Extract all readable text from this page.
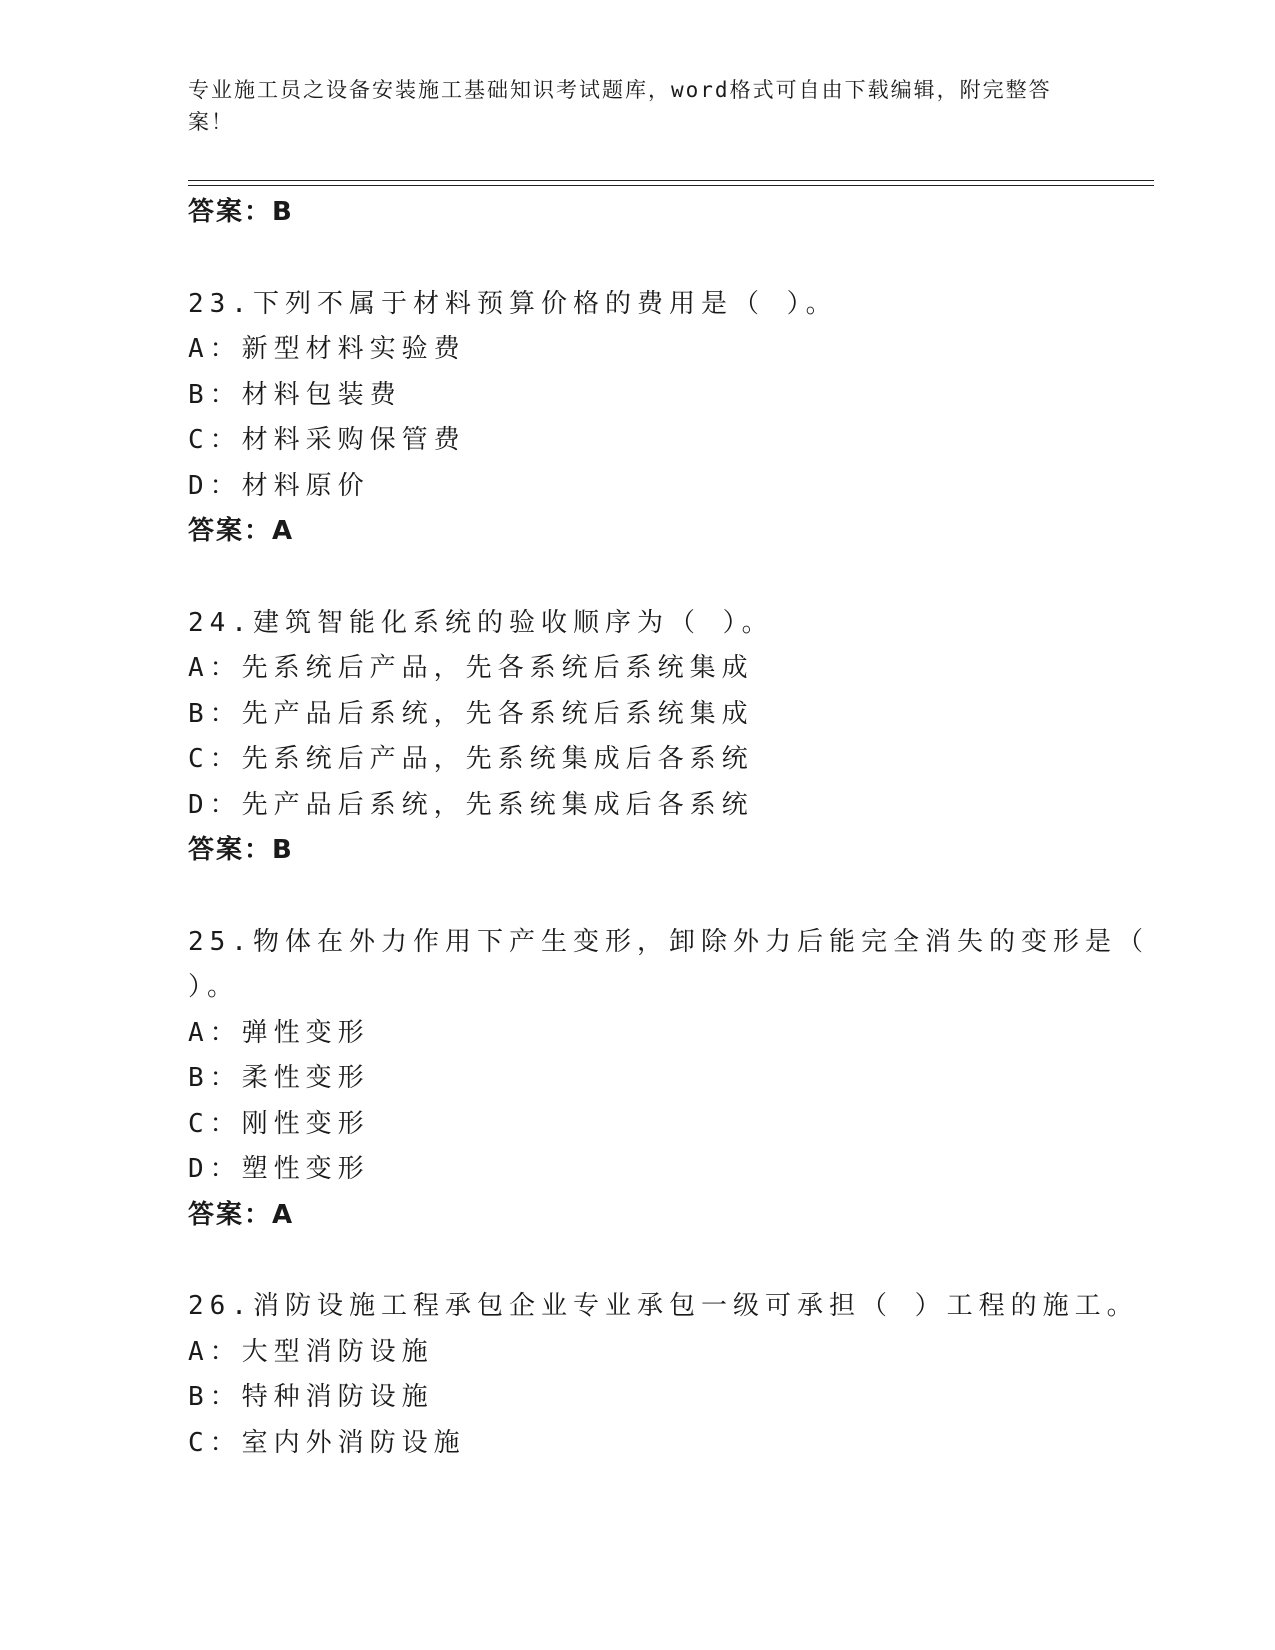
专业施工员之设备安装施工基础知识考试题库，word格式可自由下载编辑，附完整答案！
答案：B
23.下列不属于材料预算价格的费用是（ ）。
A：新型材料实验费
B：材料包装费
C：材料采购保管费
D：材料原价
答案：A
24.建筑智能化系统的验收顺序为（ ）。
A：先系统后产品，先各系统后系统集成
B：先产品后系统，先各系统后系统集成
C：先系统后产品，先系统集成后各系统
D：先产品后系统，先系统集成后各系统
答案：B
25.物体在外力作用下产生变形，卸除外力后能完全消失的变形是（
）。
A：弹性变形
B：柔性变形
C：刚性变形
D：塑性变形
答案：A
26.消防设施工程承包企业专业承包一级可承担（ ）工程的施工。
A：大型消防设施
B：特种消防设施
C：室内外消防设施
